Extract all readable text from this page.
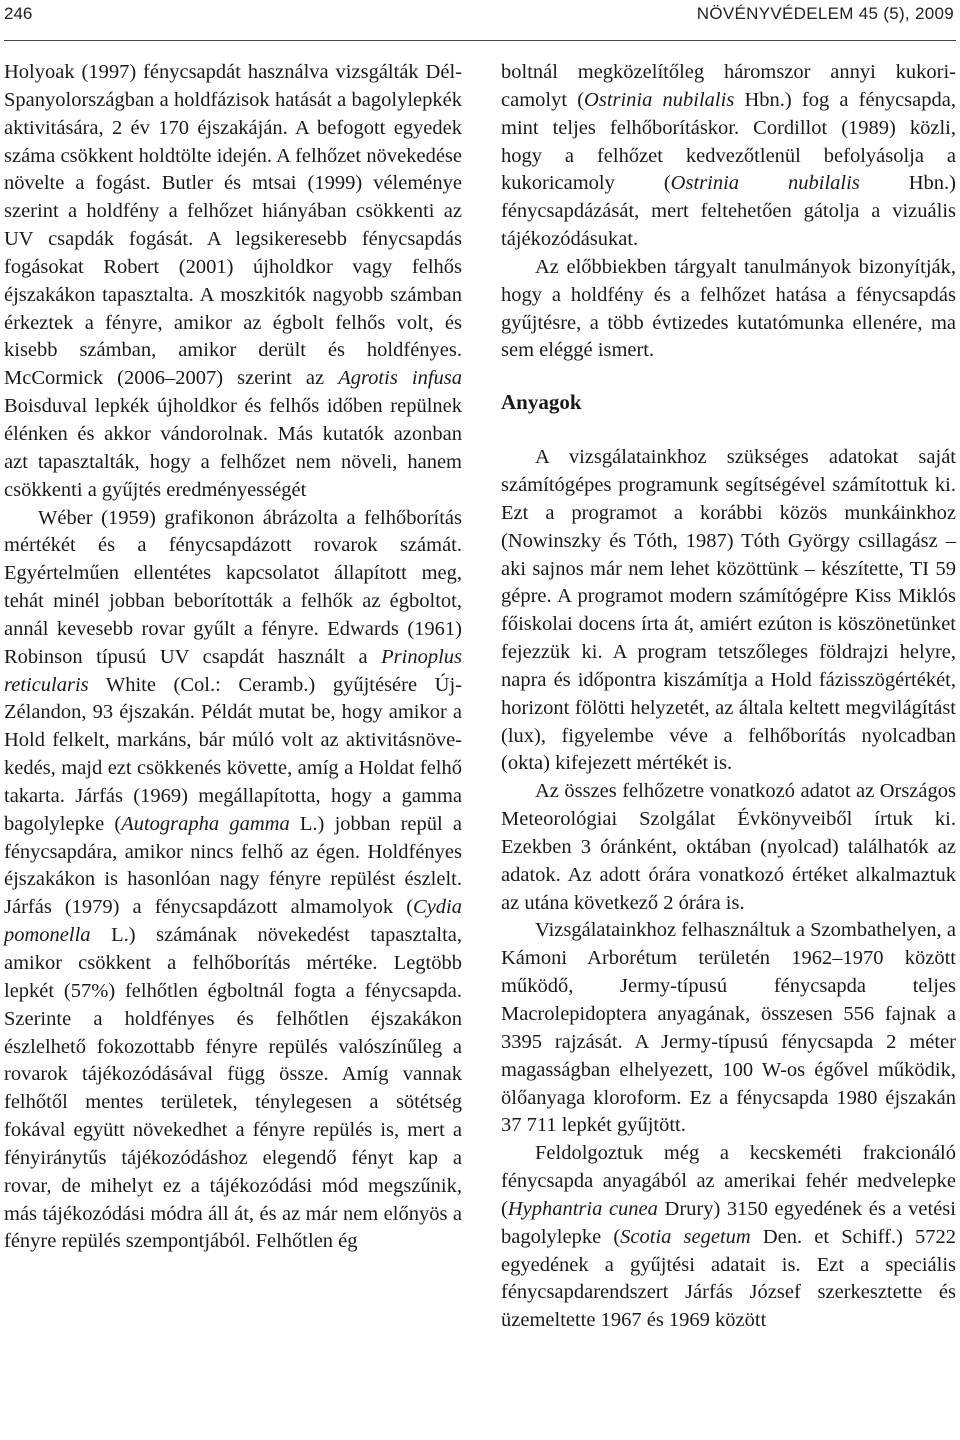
246	NÖVÉNYVÉDELEM 45 (5), 2009

Holyoak (1997) fénycsapdát használva vizsgálták Dél-Spanyolországban a holdfázisok hatását a bagolylepkék aktivitására, 2 év 170 éjszakáján. A befogott egyedek száma csökkent holdtölte idején. A felhőzet növekedése növelte a fogást. Butler és mtsai (1999) véleménye szerint a holdfény a felhőzet hiányában csökkenti az UV csapdák fogását. A legsikeresebb fénycsapdás fogásokat Robert (2001) újholdkor vagy felhős éjszakákon tapasztalta. A moszkitók nagyobb számban érkeztek a fényre, amikor az égbolt felhős volt, és kisebb számban, amikor derült és holdfényes. McCormick (2006–2007) szerint az Agrotis infusa Boisduval lepkék újholdkor és felhős időben repülnek élénken és akkor vándorolnak. Más kutatók azonban azt tapasztalták, hogy a felhőzet nem növeli, hanem csökkenti a gyűjtés eredményességét

Wéber (1959) grafikonon ábrázolta a felhőborítás mértékét és a fénycsapdázott rovarok számát. Egyértelműen ellentétes kapcsolatot állapított meg, tehát minél jobban beborították a felhők az égboltot, annál kevesebb rovar gyűlt a fényre. Edwards (1961) Robinson típusú UV csapdát használt a Prinoplus reticularis White (Col.: Ceramb.) gyűjtésére Új-Zélandon, 93 éjszakán. Példát mutat be, hogy amikor a Hold felkelt, markáns, bár múló volt az aktivitásnövekedés, majd ezt csökkenés követte, amíg a Holdat felhő takarta. Járfás (1969) megállapította, hogy a gamma bagolylepke (Autographa gamma L.) jobban repül a fénycsapdára, amikor nincs felhő az égen. Holdfényes éjszakákon is hasonlóan nagy fényre repülést észlelt. Járfás (1979) a fénycsapdázott almamolyok (Cydia pomonella L.) számának növekedést tapasztalta, amikor csökkent a felhőborítás mértéke. Legtöbb lepkét (57%) felhőtlen égboltnál fogta a fénycsapda. Szerinte a holdfényes és felhőtlen éjszakákon észlelhető fokozottabb fényre repülés valószínűleg a rovarok tájékozódásával függ össze. Amíg vannak felhőtől mentes területek, ténylegesen a sötétség fokával együtt növekedhet a fényre repülés is, mert a fényiránytűs tájékozódáshoz elegendő fényt kap a rovar, de mihelyt ez a tájékozódási mód megszűnik, más tájékozódási módra áll át, és az már nem előnyös a fényre repülés szempontjából. Felhőtlen ég

boltnál megközelítőleg háromszor annyi kukoricamolyt (Ostrinia nubilalis Hbn.) fog a fénycsapda, mint teljes felhőborításkor. Cordillot (1989) közli, hogy a felhőzet kedvezőtlenül befolyásolja a kukoricamoly (Ostrinia nubilalis Hbn.) fénycsapdázását, mert feltehetően gátolja a vizuális tájékozódásukat.

Az előbbiekben tárgyalt tanulmányok bizonyítják, hogy a holdfény és a felhőzet hatása a fénycsapdás gyűjtésre, a több évtizedes kutatómunka ellenére, ma sem eléggé ismert.

Anyagok

A vizsgálatainkhoz szükséges adatokat saját számítógépes programunk segítségével számítottuk ki. Ezt a programot a korábbi közös munkáinkhoz (Nowinszky és Tóth, 1987) Tóth György csillagász – aki sajnos már nem lehet közöttünk – készítette, TI 59 gépre. A programot modern számítógépre Kiss Miklós főiskolai docens írta át, amiért ezúton is köszönetünket fejezzük ki. A program tetszőleges földrajzi helyre, napra és időpontra kiszámítja a Hold fázisszögértékét, horizont fölötti helyzetét, az általa keltett megvilágítást (lux), figyelembe véve a felhőborítás nyolcadban (okta) kifejezett mértékét is.

Az összes felhőzetre vonatkozó adatot az Országos Meteorológiai Szolgálat Évkönyveiből írtuk ki. Ezekben 3 óránként, oktában (nyolcad) találhatók az adatok. Az adott órára vonatkozó értéket alkalmaztuk az utána következő 2 órára is.

Vizsgálatainkhoz felhasználtuk a Szombathelyen, a Kámoni Arborétum területén 1962–1970 között működő, Jermy-típusú fénycsapda teljes Macrolepidoptera anyagának, összesen 556 fajnak a 3395 rajzását. A Jermy-típusú fénycsapda 2 méter magasságban elhelyezett, 100 W-os égővel működik, ölőanyaga kloroform. Ez a fénycsapda 1980 éjszakán 37 711 lepkét gyűjtött.

Feldolgoztuk még a kecskeméti frakcionáló fénycsapda anyagából az amerikai fehér medvelepke (Hyphantria cunea Drury) 3150 egyedének és a vetési bagolylepke (Scotia segetum Den. et Schiff.) 5722 egyedének a gyűjtési adatait is. Ezt a speciális fénycsapdarendszert Járfás József szerkesztette és üzemeltette 1967 és 1969 között
